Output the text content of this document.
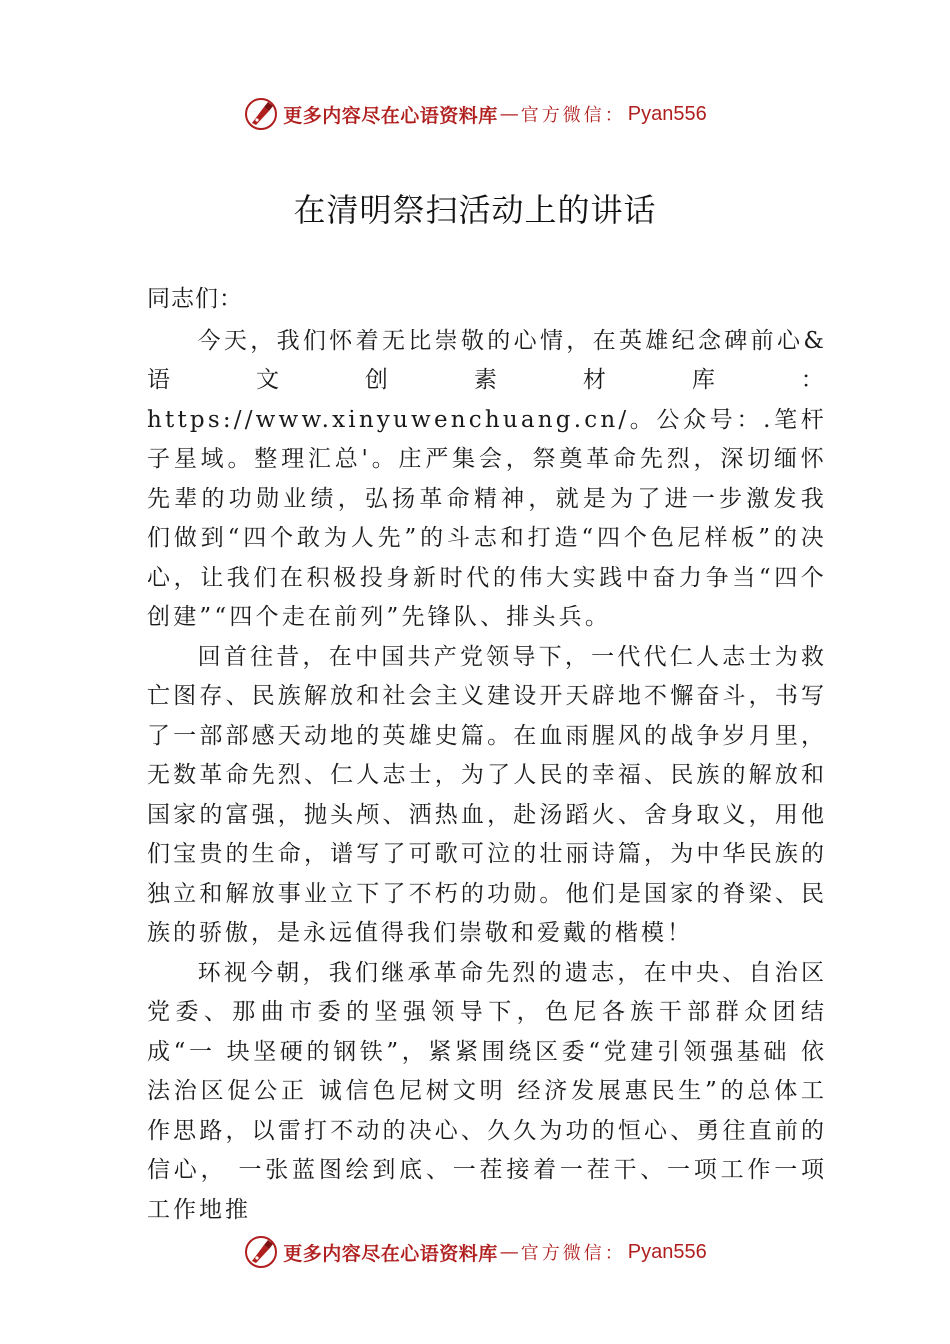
更多内容尽在心语资料库 — 官方微信： Pyan556
在清明祭扫活动上的讲话

同志们：

今天，我们怀着无比崇敬的心情，在英雄纪念碑前心&语文创素材库：https://www.xinyuwenchuang.cn/。公众号：.笔杆子星域。整理汇总'。庄严集会，祭奠革命先烈，深切缅怀先辈的功勋业绩，弘扬革命精神，就是为了进一步激发我们做到“四个敢为人先”的斗志和打造“四个色尼样板”的决心，让我们在积极投身新时代的伟大实践中奋力争当“四个创建”“四个走在前列”先锋队、排头兵。

回首往昔，在中国共产党领导下，一代代仁人志士为救亡图存、民族解放和社会主义建设开天辟地不懈奋斗，书写了一部部感天动地的英雄史篇。在血雨腥风的战争岁月里， 无数革命先烈、仁人志士，为了人民的幸福、民族的解放和国家的富强，抛头颅、洒热血，赴汤蹈火、舍身取义，用他们宝贵的生命，谱写了可歌可泣的壮丽诗篇，为中华民族的独立和解放事业立下了不朽的功勋。他们是国家的脊梁、民族的骄傲，是永远值得我们崇敬和爱戴的楷模！

环视今朝，我们继承革命先烈的遗志，在中央、自治区党委、那曲市委的坚强领导下，色尼各族干部群众团结成“一 块坚硬的钢铁”，紧紧围绕区委“党建引领强基础 依法治区促公正 诚信色尼树文明 经济发展惠民生”的总体工作思路，以雷打不动的决心、久久为功的恒心、勇往直前的信心， 一张蓝图绘到底、一茬接着一茬干、一项工作一项工作地推

更多内容尽在心语资料库 — 官方微信： Pyan556
